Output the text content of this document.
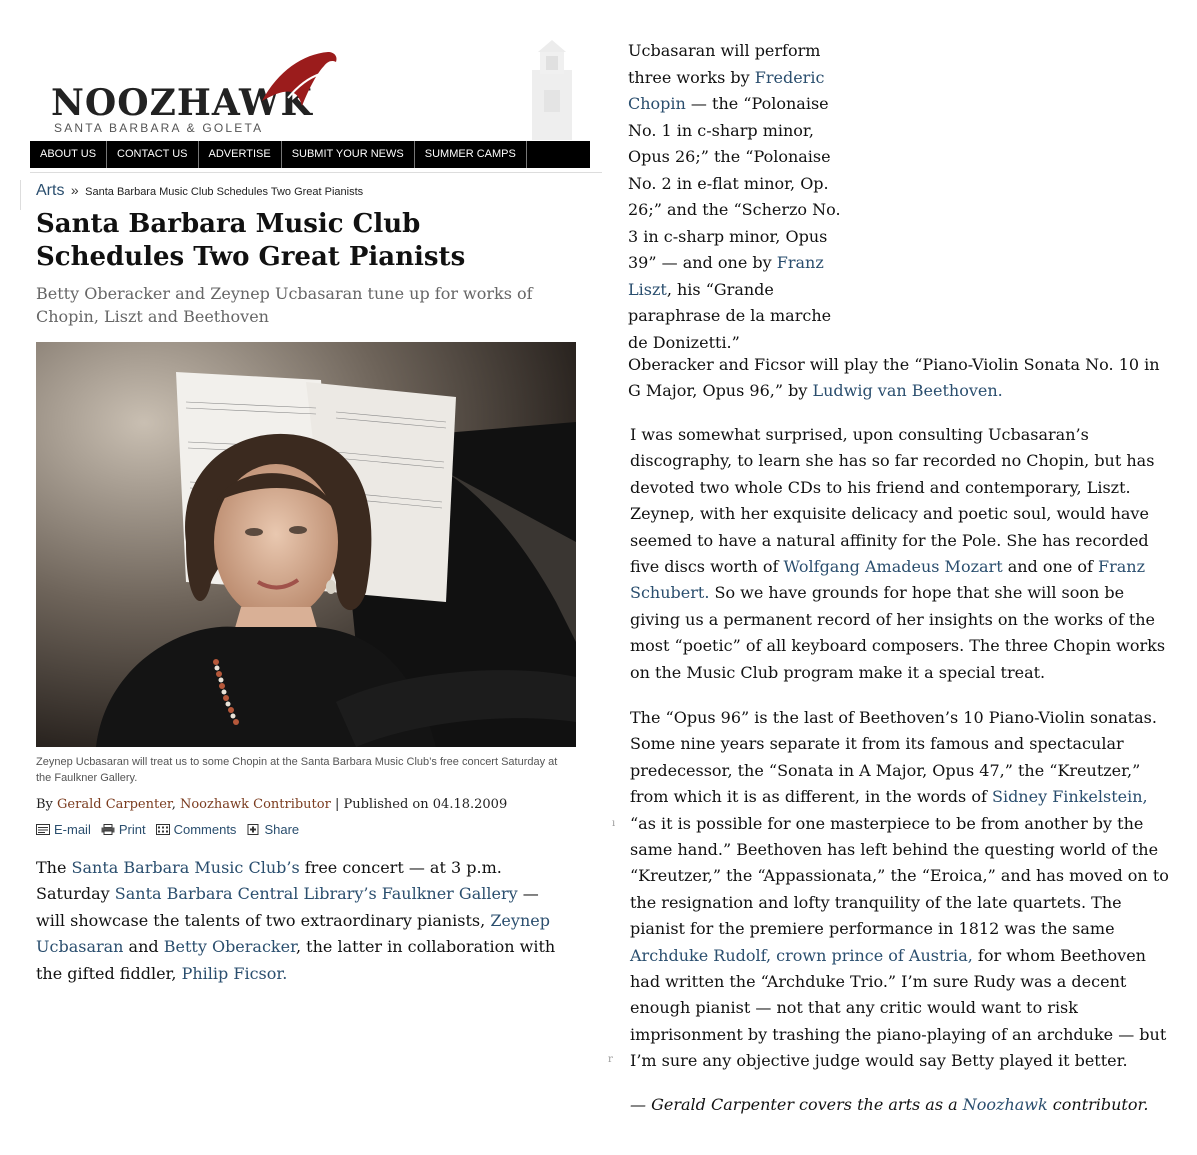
NOOZHAWK
SANTA BARBARA & GOLETA
ABOUT US	CONTACT US	ADVERTISE	SUBMIT YOUR NEWS	SUMMER CAMPS
Arts » Santa Barbara Music Club Schedules Two Great Pianists
Santa Barbara Music Club Schedules Two Great Pianists
Betty Oberacker and Zeynep Ucbasaran tune up for works of Chopin, Liszt and Beethoven
Zeynep Ucbasaran will treat us to some Chopin at the Santa Barbara Music Club’s free concert Saturday at the Faulkner Gallery.
By Gerald Carpenter, Noozhawk Contributor | Published on 04.18.2009
E-mail Print Comments Share

The Santa Barbara Music Club’s free concert — at 3 p.m. Saturday Santa Barbara Central Library’s Faulkner Gallery — will showcase the talents of two extraordinary pianists, Zeynep Ucbasaran and Betty Oberacker, the latter in collaboration with the gifted fiddler, Philip Ficsor.

Ucbasaran will perform three works by Frederic Chopin — the “Polonaise No. 1 in c-sharp minor, Opus 26;” the “Polonaise No. 2 in e-flat minor, Op. 26;” and the “Scherzo No. 3 in c-sharp minor, Opus 39” — and one by Franz Liszt, his “Grande paraphrase de la marche de Donizetti.”

Oberacker and Ficsor will play the “Piano-Violin Sonata No. 10 in G Major, Opus 96,” by Ludwig van Beethoven.

I was somewhat surprised, upon consulting Ucbasaran’s discography, to learn she has so far recorded no Chopin, but has devoted two whole CDs to his friend and contemporary, Liszt. Zeynep, with her exquisite delicacy and poetic soul, would have seemed to have a natural affinity for the Pole. She has recorded five discs worth of Wolfgang Amadeus Mozart and one of Franz Schubert. So we have grounds for hope that she will soon be giving us a permanent record of her insights on the works of the most “poetic” of all keyboard composers. The three Chopin works on the Music Club program make it a special treat.

The “Opus 96” is the last of Beethoven’s 10 Piano-Violin sonatas. Some nine years separate it from its famous and spectacular predecessor, the “Sonata in A Major, Opus 47,” the “Kreutzer,” from which it is as different, in the words of Sidney Finkelstein, “as it is possible for one masterpiece to be from another by the same hand.” Beethoven has left behind the questing world of the “Kreutzer,” the “Appassionata,” the “Eroica,” and has moved on to the resignation and lofty tranquility of the late quartets. The pianist for the premiere performance in 1812 was the same Archduke Rudolf, crown prince of Austria, for whom Beethoven had written the “Archduke Trio.” I’m sure Rudy was a decent enough pianist — not that any critic would want to risk imprisonment by trashing the piano-playing of an archduke — but I’m sure any objective judge would say Betty played it better.

— Gerald Carpenter covers the arts as a Noozhawk contributor.

ı
r
